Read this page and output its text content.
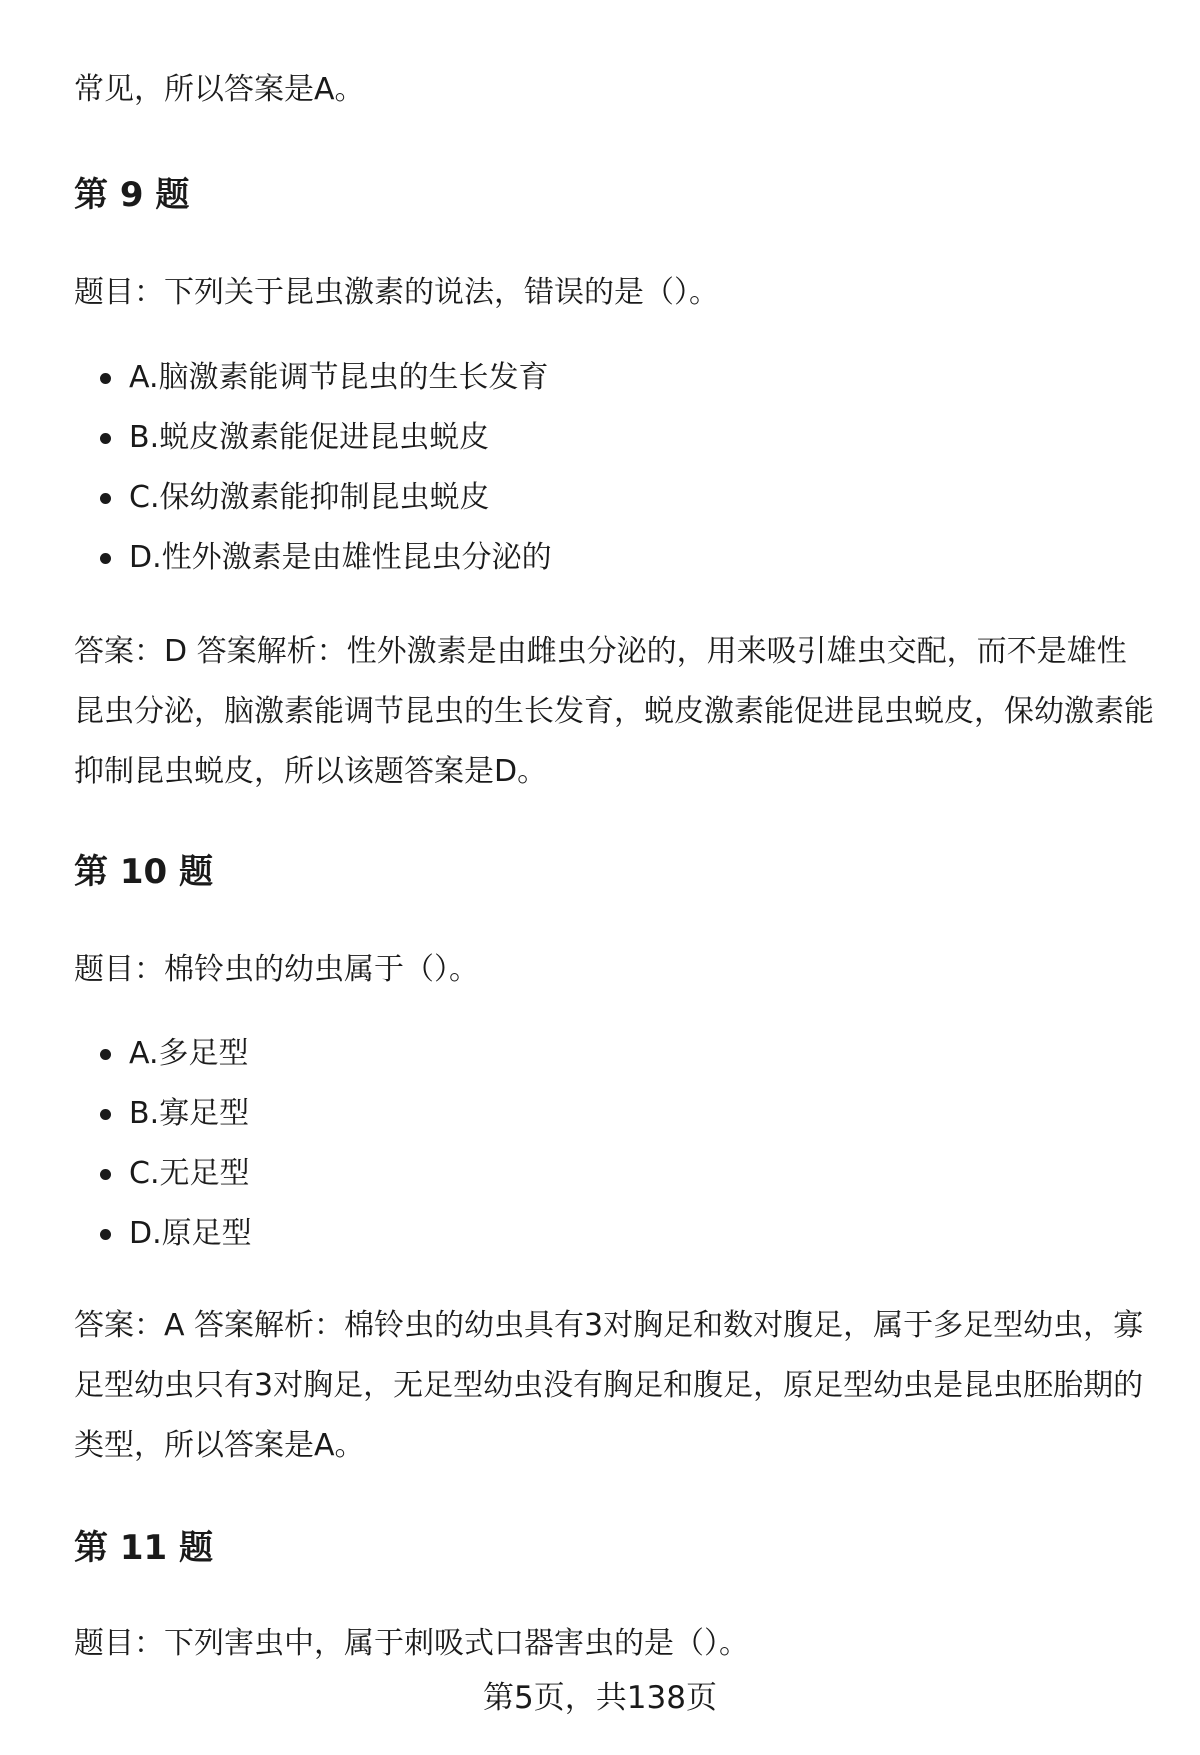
常见，所以答案是A。

第 9 题

题目：下列关于昆虫激素的说法，错误的是（）。

A.脑激素能调节昆虫的生长发育
B.蜕皮激素能促进昆虫蜕皮
C.保幼激素能抑制昆虫蜕皮
D.性外激素是由雄性昆虫分泌的

答案：D 答案解析：性外激素是由雌虫分泌的，用来吸引雄虫交配，而不是雄性昆虫分泌，脑激素能调节昆虫的生长发育，蜕皮激素能促进昆虫蜕皮，保幼激素能抑制昆虫蜕皮，所以该题答案是D。

第 10 题

题目：棉铃虫的幼虫属于（）。

A.多足型
B.寡足型
C.无足型
D.原足型

答案：A 答案解析：棉铃虫的幼虫具有3对胸足和数对腹足，属于多足型幼虫，寡足型幼虫只有3对胸足，无足型幼虫没有胸足和腹足，原足型幼虫是昆虫胚胎期的类型，所以答案是A。

第 11 题

题目：下列害虫中，属于刺吸式口器害虫的是（）。

第5页，共138页
